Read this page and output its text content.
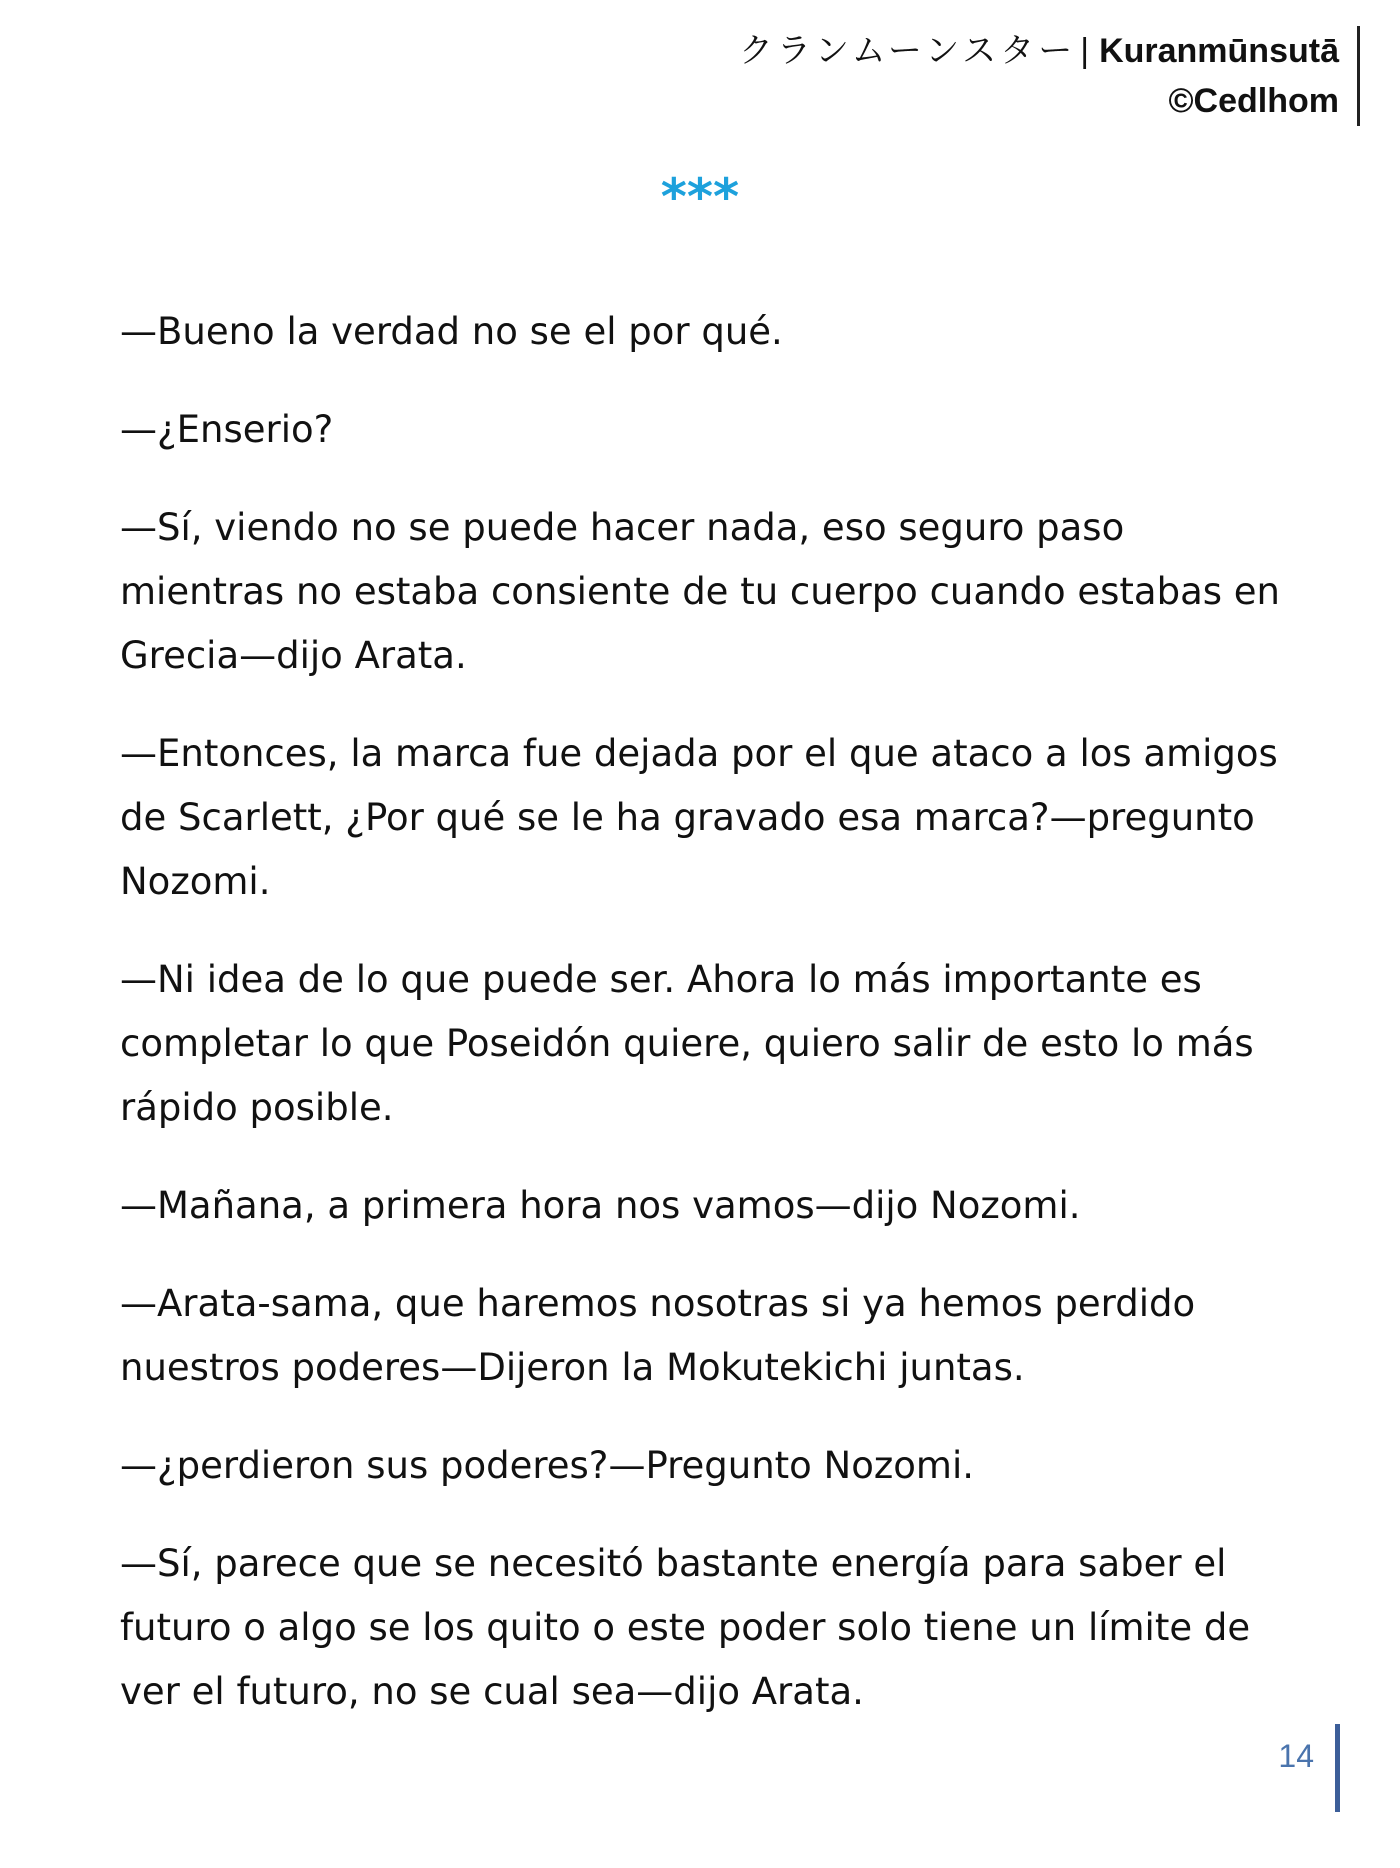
クランムーンスター | Kuranmūnsutā
©Cedlhom
***

—Bueno la verdad no se el por qué.

—¿Enserio?

—Sí, viendo no se puede hacer nada, eso seguro paso mientras no estaba consiente de tu cuerpo cuando estabas en Grecia—dijo Arata.

—Entonces, la marca fue dejada por el que ataco a los amigos de Scarlett, ¿Por qué se le ha gravado esa marca?—pregunto Nozomi.

—Ni idea de lo que puede ser. Ahora lo más importante es completar lo que Poseidón quiere, quiero salir de esto lo más rápido posible.

—Mañana, a primera hora nos vamos—dijo Nozomi.

—Arata-sama, que haremos nosotras si ya hemos perdido nuestros poderes—Dijeron la Mokutekichi juntas.

—¿perdieron sus poderes?—Pregunto Nozomi.

—Sí, parece que se necesitó bastante energía para saber el futuro o algo se los quito o este poder solo tiene un límite de ver el futuro, no se cual sea—dijo Arata.

14
